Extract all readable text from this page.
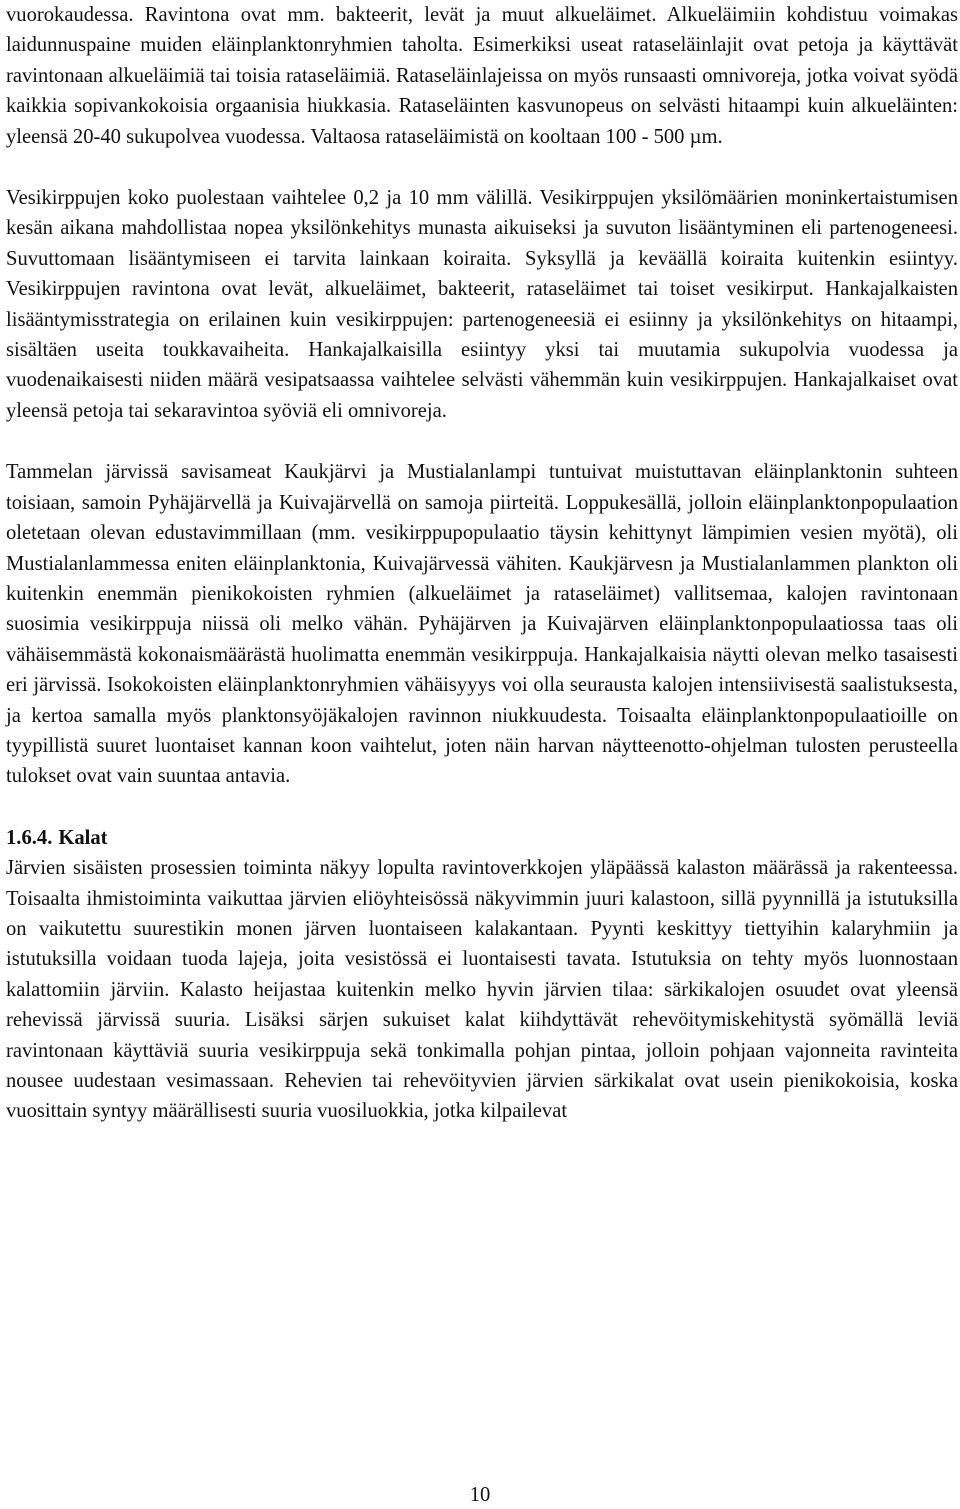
vuorokaudessa. Ravintona ovat mm. bakteerit, levät ja muut alkueläimet. Alkueläimiin kohdistuu voimakas laidunnuspaine muiden eläinplanktonryhmien taholta. Esimerkiksi useat rataseläinlajit ovat petoja ja käyttävät ravintonaan alkueläimiä tai toisia rataseläimiä. Rataseläinlajeissa on myös runsaasti omnivoreja, jotka voivat syödä kaikkia sopivankokoisia orgaanisia hiukkasia. Rataseläinten kasvunopeus on selvästi hitaampi kuin alkueläinten: yleensä 20-40 sukupolvea vuodessa. Valtaosa rataseläimistä on kooltaan 100 - 500 µm.

Vesikirppujen koko puolestaan vaihtelee 0,2 ja 10 mm välillä. Vesikirppujen yksilömäärien moninkertaistumisen kesän aikana mahdollistaa nopea yksilönkehitys munasta aikuiseksi ja suvuton lisääntyminen eli partenogeneesi. Suvuttomaan lisääntymiseen ei tarvita lainkaan koiraita. Syksyllä ja keväällä koiraita kuitenkin esiintyy. Vesikirppujen ravintona ovat levät, alkueläimet, bakteerit, rataseläimet tai toiset vesikirput. Hankajalkaisten lisääntymisstrategia on erilainen kuin vesikirppujen: partenogeneesiä ei esiinny ja yksilönkehitys on hitaampi, sisältäen useita toukkavaiheita. Hankajalkaisilla esiintyy yksi tai muutamia sukupolvia vuodessa ja vuodenaikaisesti niiden määrä vesipatsaassa vaihtelee selvästi vähemmän kuin vesikirppujen. Hankajalkaiset ovat yleensä petoja tai sekaravintoa syöviä eli omnivoreja.

Tammelan järvissä savisameat Kaukjärvi ja Mustialanlampi tuntuivat muistuttavan eläinplanktonin suhteen toisiaan, samoin Pyhäjärvellä ja Kuivajärvellä on samoja piirteitä. Loppukesällä, jolloin eläinplanktonpopulaation oletetaan olevan edustavimmillaan (mm. vesikirppupopulaatio täysin kehittynyt lämpimien vesien myötä), oli Mustialanlammessa eniten eläinplanktonia, Kuivajärvessä vähiten. Kaukjärvesn ja Mustialanlammen plankton oli kuitenkin enemmän pienikokoisten ryhmien (alkueläimet ja rataseläimet) vallitsemaa, kalojen ravintonaan suosimia vesikirppuja niissä oli melko vähän. Pyhäjärven ja Kuivajärven eläinplanktonpopulaatiossa taas oli vähäisemmästä kokonaismäärästä huolimatta enemmän vesikirppuja. Hankajalkaisia näytti olevan melko tasaisesti eri järvissä. Isokokoisten eläinplanktonryhmien vähäisyyys voi olla seurausta kalojen intensiivisestä saalistuksesta, ja kertoa samalla myös planktonsyöjäkalojen ravinnon niukkuudesta. Toisaalta eläinplanktonpopulaatioille on tyypillistä suuret luontaiset kannan koon vaihtelut, joten näin harvan näytteenotto-ohjelman tulosten perusteella tulokset ovat vain suuntaa antavia.

1.6.4. Kalat

Järvien sisäisten prosessien toiminta näkyy lopulta ravintoverkkojen yläpäässä kalaston määrässä ja rakenteessa. Toisaalta ihmistoiminta vaikuttaa järvien eliöyhteisössä näkyvimmin juuri kalastoon, sillä pyynnillä ja istutuksilla on vaikutettu suurestikin monen järven luontaiseen kalakantaan. Pyynti keskittyy tiettyihin kalaryhmiin ja istutuksilla voidaan tuoda lajeja, joita vesistössä ei luontaisesti tavata. Istutuksia on tehty myös luonnostaan kalattomiin järviin. Kalasto heijastaa kuitenkin melko hyvin järvien tilaa: särkikalojen osuudet ovat yleensä rehevissä järvissä suuria. Lisäksi särjen sukuiset kalat kiihdyttävät rehevöitymiskehitystä syömällä leviä ravintonaan käyttäviä suuria vesikirppuja sekä tonkimalla pohjan pintaa, jolloin pohjaan vajonneita ravinteita nousee uudestaan vesimassaan. Rehevien tai rehevöityvien järvien särkikalat ovat usein pienikokoisia, koska vuosittain syntyy määrällisesti suuria vuosiluokkia, jotka kilpailevat

10
